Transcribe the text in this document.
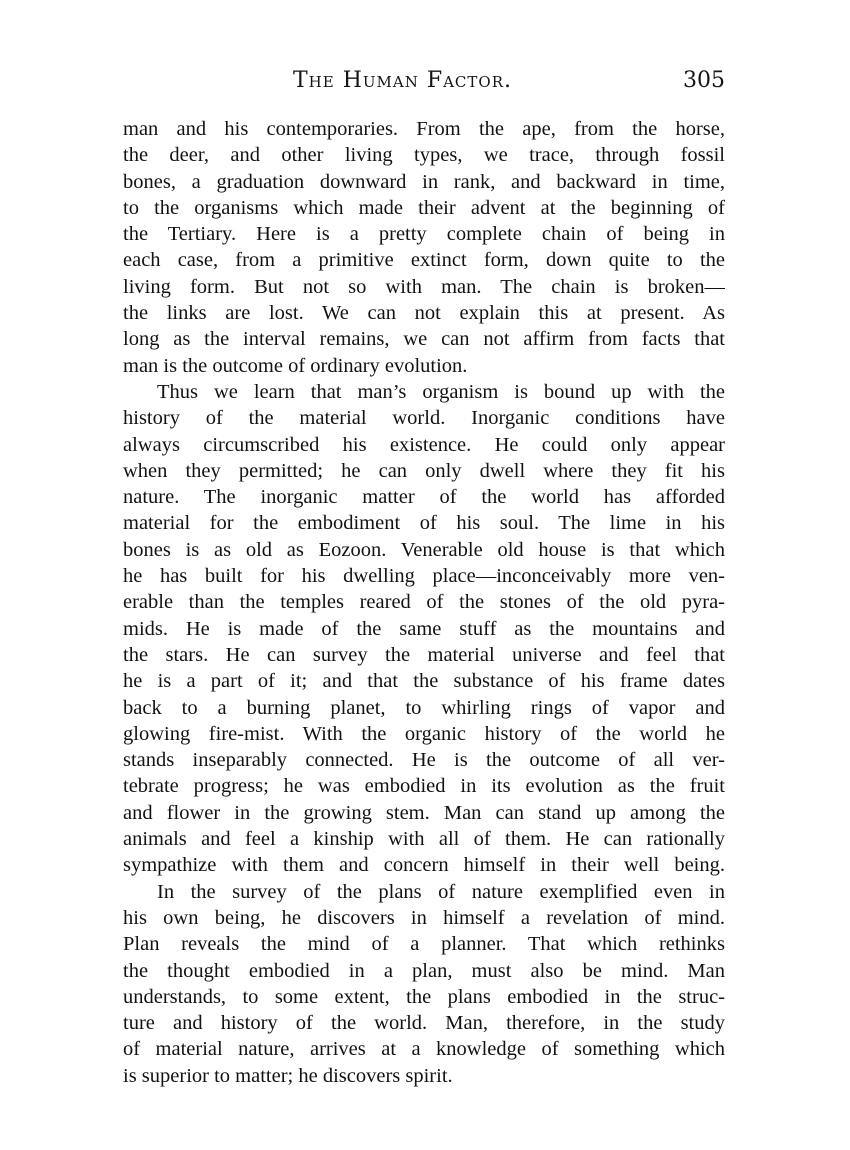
The Human Factor.	305
man and his contemporaries. From the ape, from the horse,
the deer, and other living types, we trace, through fossil
bones, a graduation downward in rank, and backward in time,
to the organisms which made their advent at the beginning of
the Tertiary. Here is a pretty complete chain of being in
each case, from a primitive extinct form, down quite to the
living form. But not so with man. The chain is broken—
the links are lost. We can not explain this at present. As
long as the interval remains, we can not affirm from facts that
man is the outcome of ordinary evolution.
Thus we learn that man’s organism is bound up with the
history of the material world. Inorganic conditions have
always circumscribed his existence. He could only appear
when they permitted; he can only dwell where they fit his
nature. The inorganic matter of the world has afforded
material for the embodiment of his soul. The lime in his
bones is as old as Eozoon. Venerable old house is that which
he has built for his dwelling place—inconceivably more ven-
erable than the temples reared of the stones of the old pyra-
mids. He is made of the same stuff as the mountains and
the stars. He can survey the material universe and feel that
he is a part of it; and that the substance of his frame dates
back to a burning planet, to whirling rings of vapor and
glowing fire-mist. With the organic history of the world he
stands inseparably connected. He is the outcome of all ver-
tebrate progress; he was embodied in its evolution as the fruit
and flower in the growing stem. Man can stand up among the
animals and feel a kinship with all of them. He can rationally
sympathize with them and concern himself in their well being.
In the survey of the plans of nature exemplified even in
his own being, he discovers in himself a revelation of mind.
Plan reveals the mind of a planner. That which rethinks
the thought embodied in a plan, must also be mind. Man
understands, to some extent, the plans embodied in the struc-
ture and history of the world. Man, therefore, in the study
of material nature, arrives at a knowledge of something which
is superior to matter; he discovers spirit.
